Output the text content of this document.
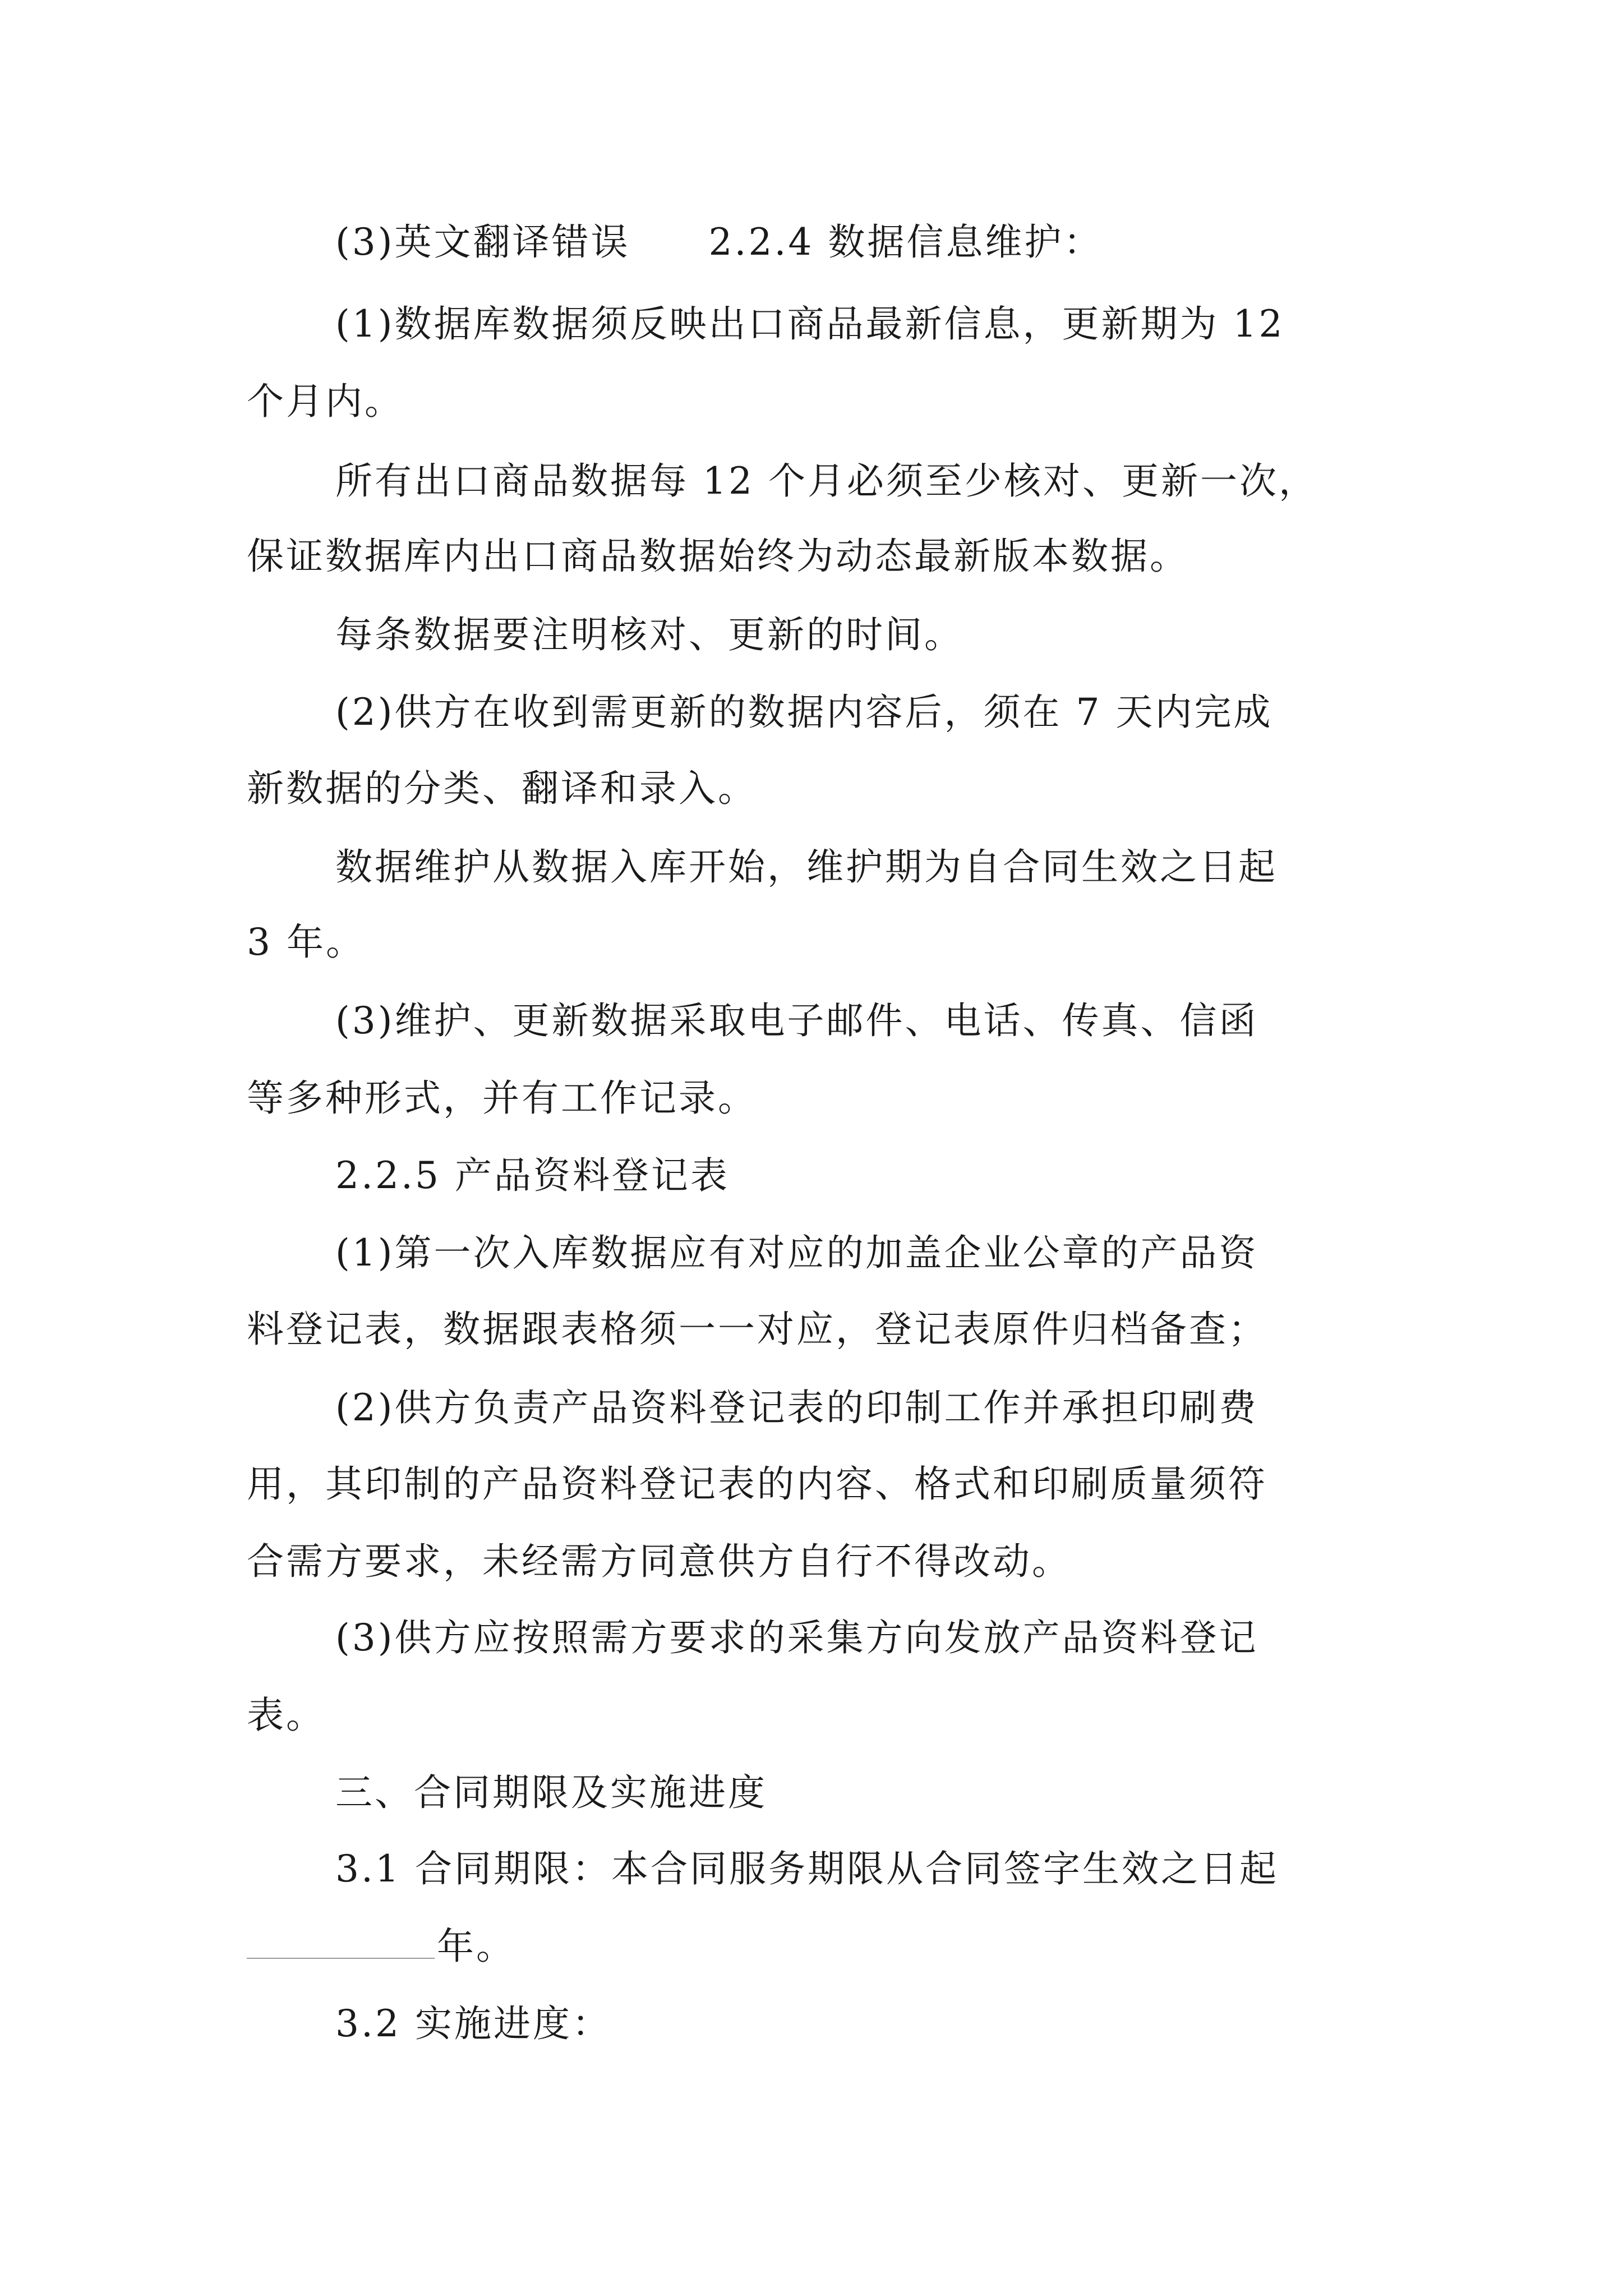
(3)英文翻译错误　　2.2.4 数据信息维护：

(1)数据库数据须反映出口商品最新信息，更新期为 12

个月内。

所有出口商品数据每 12 个月必须至少核对、更新一次，

保证数据库内出口商品数据始终为动态最新版本数据。

每条数据要注明核对、更新的时间。

(2)供方在收到需更新的数据内容后，须在 7 天内完成

新数据的分类、翻译和录入。

数据维护从数据入库开始，维护期为自合同生效之日起

3 年。

(3)维护、更新数据采取电子邮件、电话、传真、信函

等多种形式，并有工作记录。

2.2.5 产品资料登记表

(1)第一次入库数据应有对应的加盖企业公章的产品资

料登记表，数据跟表格须一一对应，登记表原件归档备查；

(2)供方负责产品资料登记表的印制工作并承担印刷费

用，其印制的产品资料登记表的内容、格式和印刷质量须符

合需方要求，未经需方同意供方自行不得改动。

(3)供方应按照需方要求的采集方向发放产品资料登记

表。

三、合同期限及实施进度

3.1 合同期限：本合同服务期限从合同签字生效之日起

年。

3.2 实施进度：
